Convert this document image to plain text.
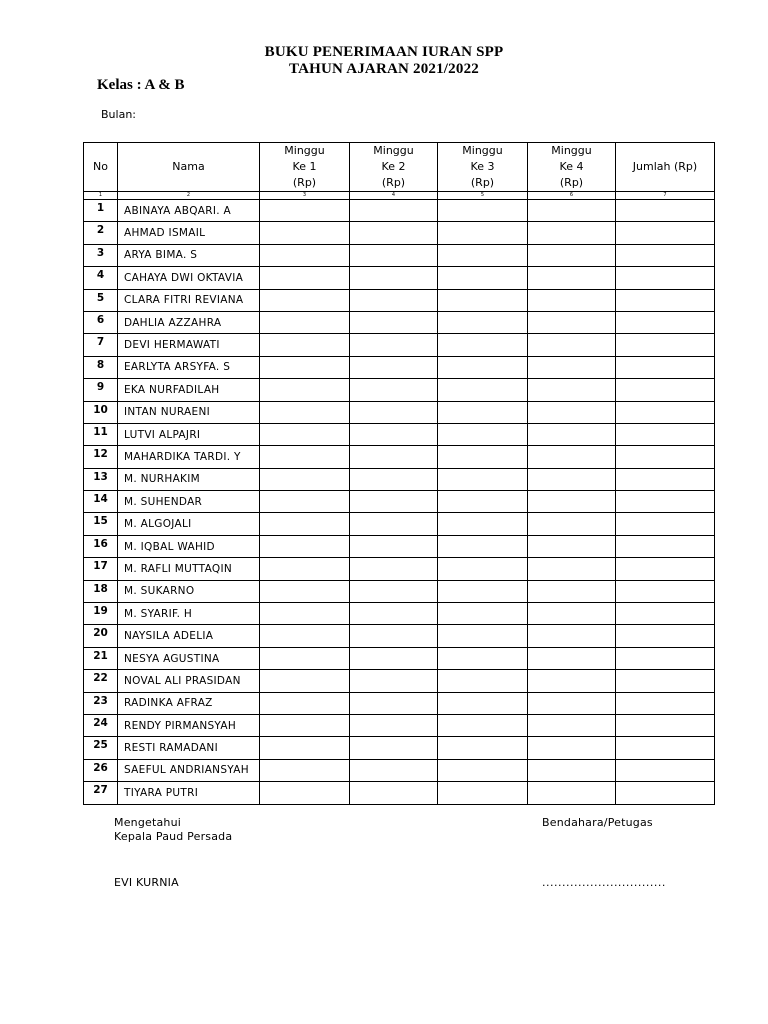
BUKU PENERIMAAN IURAN SPP
TAHUN AJARAN 2021/2022
Kelas : A & B
Bulan:
No	Nama	Minggu
Ke 1
(Rp)	Minggu
Ke 2
(Rp)	Minggu
Ke 3
(Rp)	Minggu
Ke 4
(Rp)	Jumlah (Rp)
1	2	3	4	5	6	7
1	ABINAYA ABQARI. A					
2	AHMAD ISMAIL					
3	ARYA BIMA. S					
4	CAHAYA DWI OKTAVIA					
5	CLARA FITRI REVIANA					
6	DAHLIA AZZAHRA					
7	DEVI HERMAWATI					
8	EARLYTA ARSYFA. S					
9	EKA NURFADILAH					
10	INTAN NURAENI					
11	LUTVI ALPAJRI					
12	MAHARDIKA TARDI. Y					
13	M. NURHAKIM					
14	M. SUHENDAR					
15	M. ALGOJALI					
16	M. IQBAL WAHID					
17	M. RAFLI MUTTAQIN					
18	M. SUKARNO					
19	M. SYARIF. H					
20	NAYSILA ADELIA					
21	NESYA AGUSTINA					
22	NOVAL ALI PRASIDAN					
23	RADINKA AFRAZ					
24	RENDY PIRMANSYAH					
25	RESTI RAMADANI					
26	SAEFUL ANDRIANSYAH					
27	TIYARA PUTRI					
Mengetahui
Kepala Paud Persada
EVI KURNIA
Bendahara/Petugas
...............................
